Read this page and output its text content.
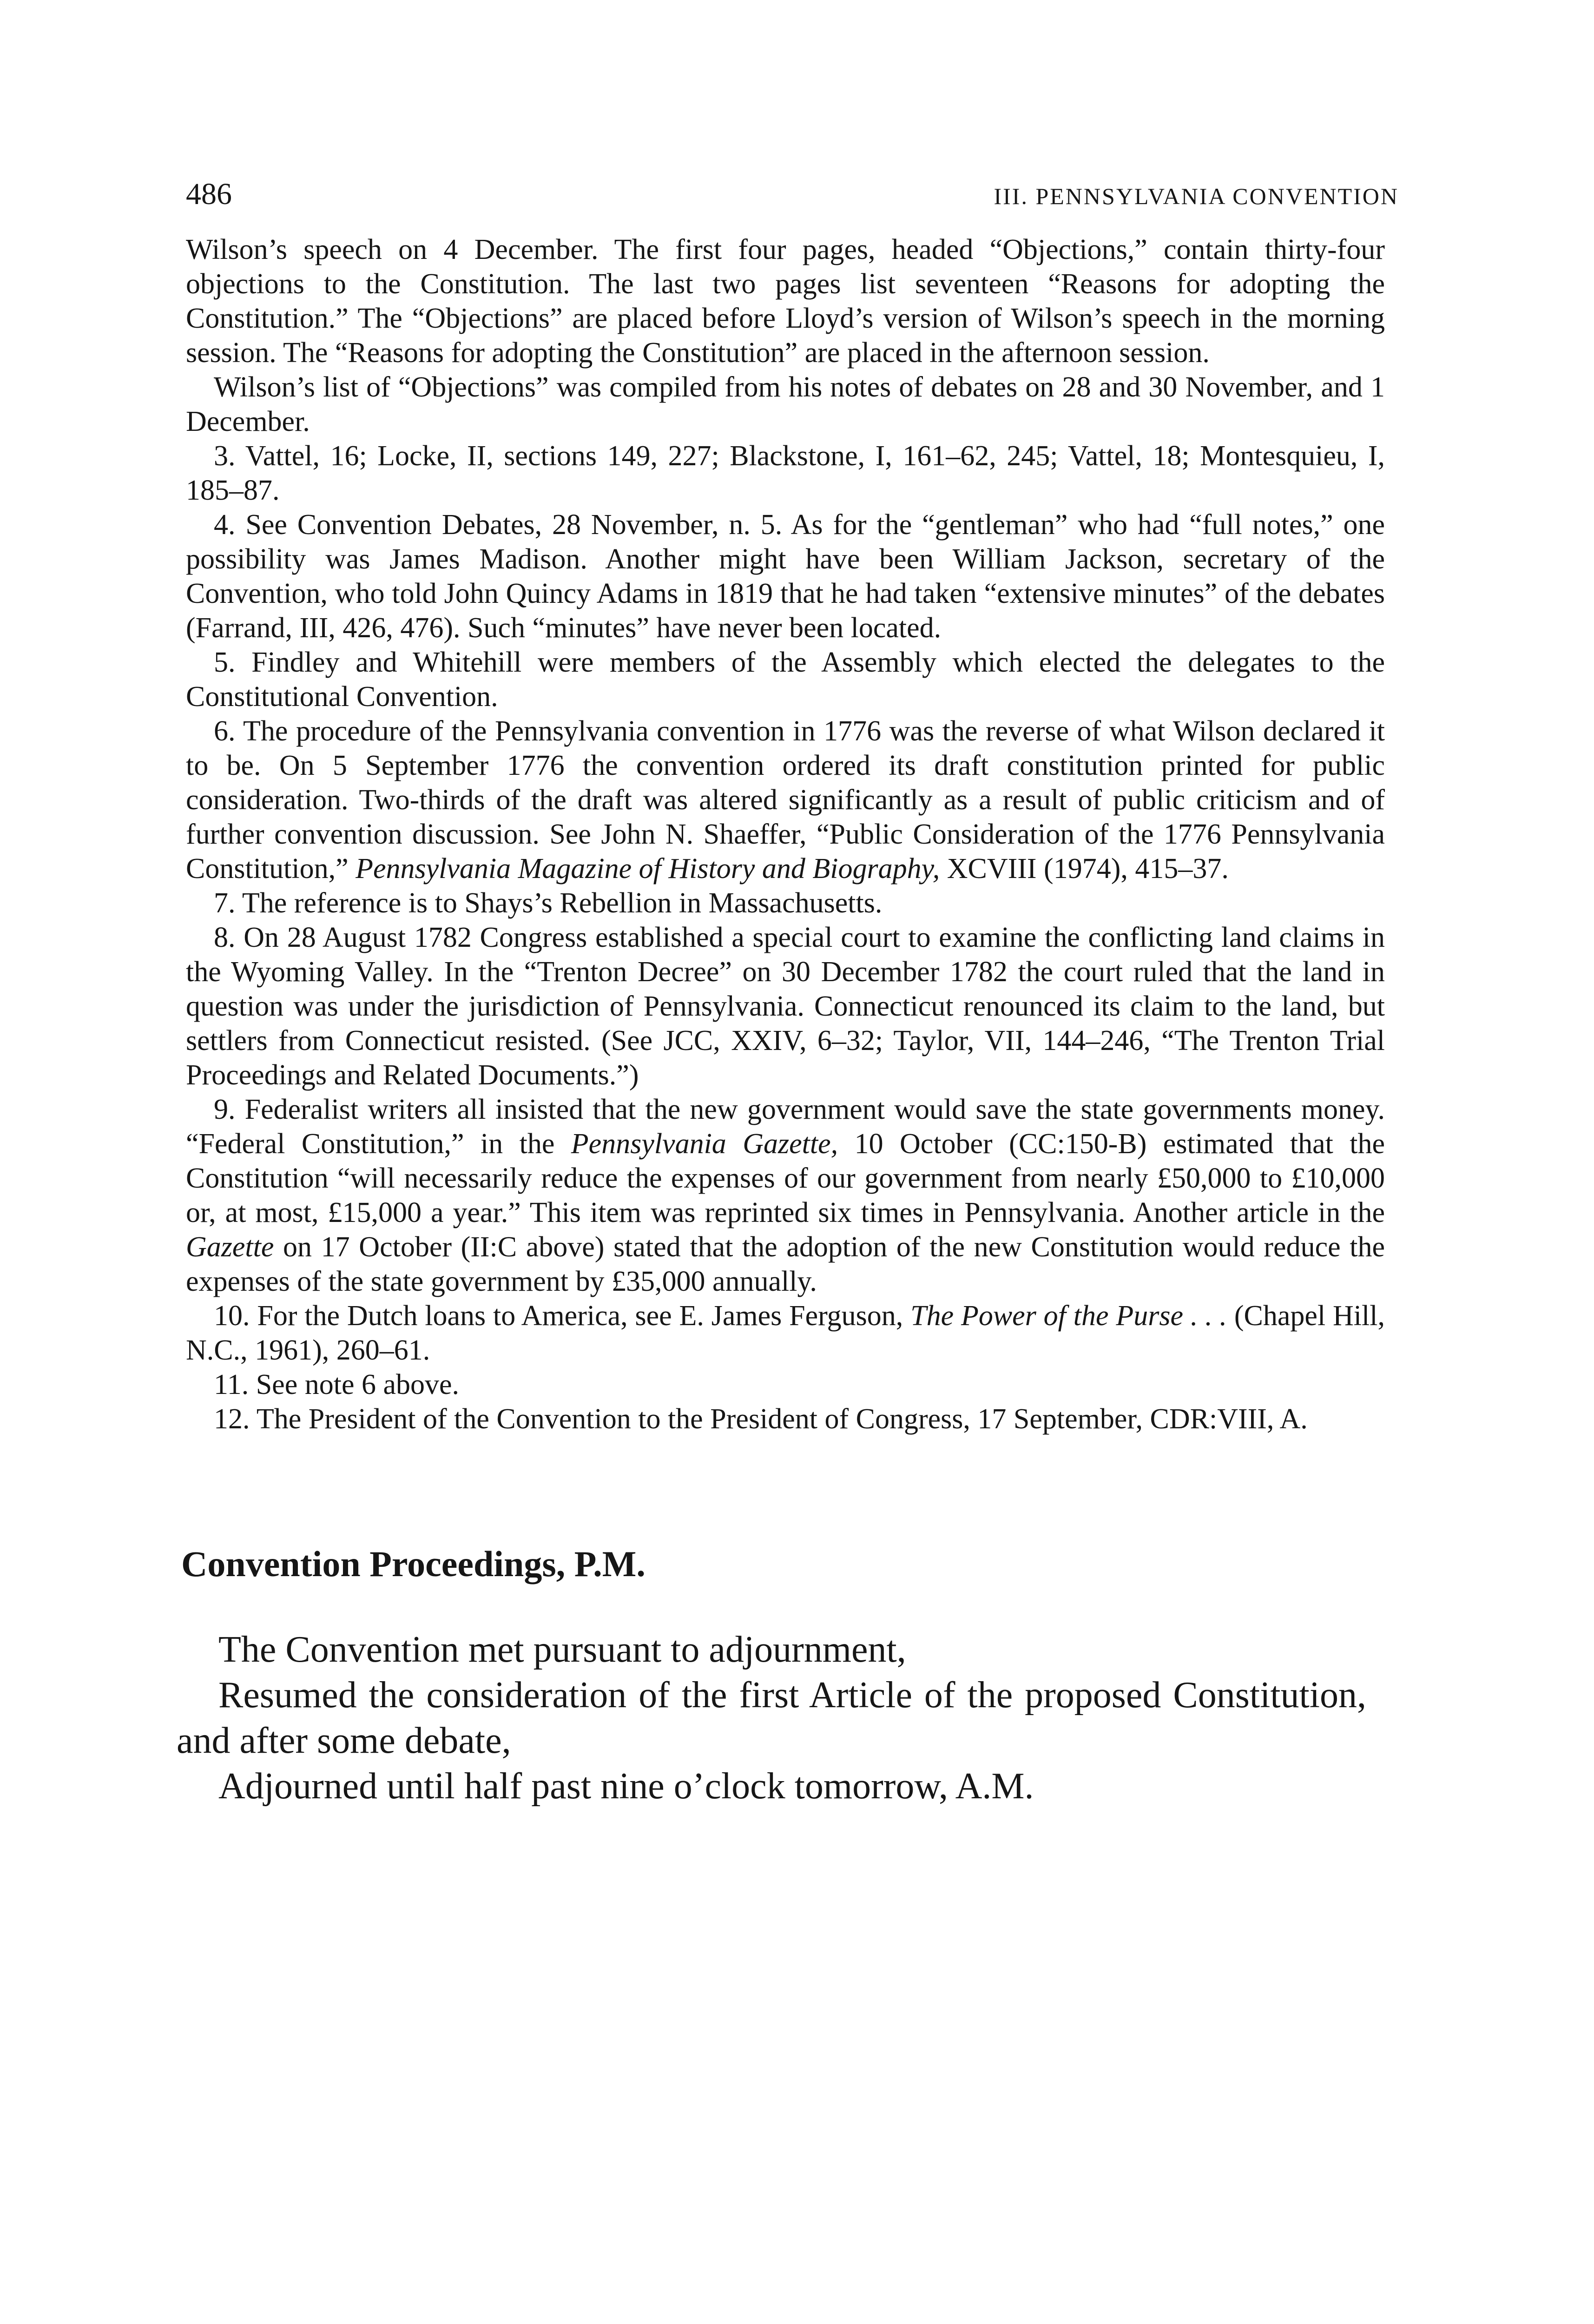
486	III. PENNSYLVANIA CONVENTION

Wilson’s speech on 4 December. The first four pages, headed “Objections,” contain thirty-four objections to the Constitution. The last two pages list seventeen “Reasons for adopting the Constitution.” The “Objections” are placed before Lloyd’s version of Wilson’s speech in the morning session. The “Reasons for adopting the Constitution” are placed in the afternoon session.

Wilson’s list of “Objections” was compiled from his notes of debates on 28 and 30 November, and 1 December.

3. Vattel, 16; Locke, II, sections 149, 227; Blackstone, I, 161–62, 245; Vattel, 18; Montesquieu, I, 185–87.

4. See Convention Debates, 28 November, n. 5. As for the “gentleman” who had “full notes,” one possibility was James Madison. Another might have been William Jackson, secretary of the Convention, who told John Quincy Adams in 1819 that he had taken “extensive minutes” of the debates (Farrand, III, 426, 476). Such “minutes” have never been located.

5. Findley and Whitehill were members of the Assembly which elected the delegates to the Constitutional Convention.

6. The procedure of the Pennsylvania convention in 1776 was the reverse of what Wilson declared it to be. On 5 September 1776 the convention ordered its draft constitution printed for public consideration. Two-thirds of the draft was altered significantly as a result of public criticism and of further convention discussion. See John N. Shaeffer, “Public Consideration of the 1776 Pennsylvania Constitution,” Pennsylvania Magazine of History and Biography, XCVIII (1974), 415–37.

7. The reference is to Shays’s Rebellion in Massachusetts.

8. On 28 August 1782 Congress established a special court to examine the conflicting land claims in the Wyoming Valley. In the “Trenton Decree” on 30 December 1782 the court ruled that the land in question was under the jurisdiction of Pennsylvania. Connecticut renounced its claim to the land, but settlers from Connecticut resisted. (See JCC, XXIV, 6–32; Taylor, VII, 144–246, “The Trenton Trial Proceedings and Related Documents.”)

9. Federalist writers all insisted that the new government would save the state governments money. “Federal Constitution,” in the Pennsylvania Gazette, 10 October (CC:150-B) estimated that the Constitution “will necessarily reduce the expenses of our government from nearly £50,000 to £10,000 or, at most, £15,000 a year.” This item was reprinted six times in Pennsylvania. Another article in the Gazette on 17 October (II:C above) stated that the adoption of the new Constitution would reduce the expenses of the state government by £35,000 annually.

10. For the Dutch loans to America, see E. James Ferguson, The Power of the Purse . . . (Chapel Hill, N.C., 1961), 260–61.

11. See note 6 above.

12. The President of the Convention to the President of Congress, 17 September, CDR:VIII, A.

Convention Proceedings, P.M.

The Convention met pursuant to adjournment,

Resumed the consideration of the first Article of the proposed Constitution, and after some debate,

Adjourned until half past nine o’clock tomorrow, A.M.
